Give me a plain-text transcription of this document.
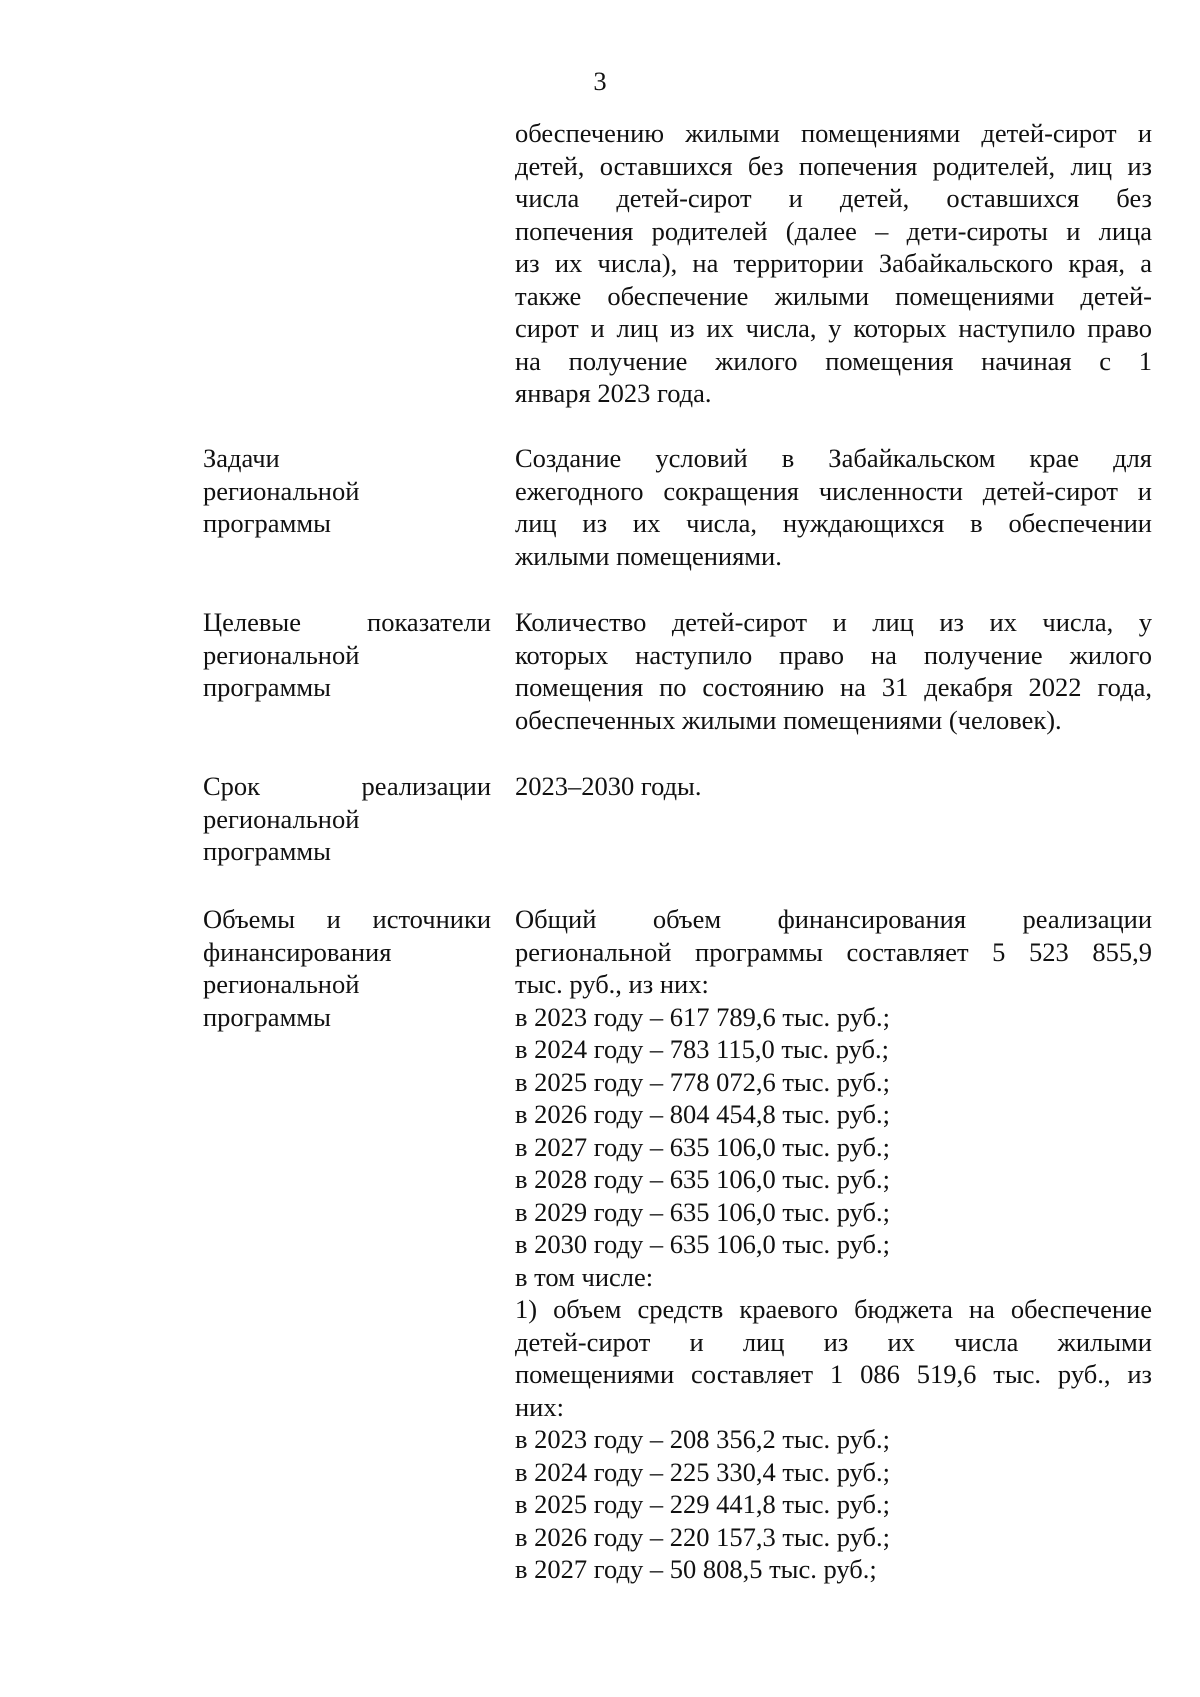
3
обеспечению жилыми помещениями детей-сирот и
детей, оставшихся без попечения родителей, лиц из
числа детей-сирот и детей, оставшихся без
попечения родителей (далее – дети-сироты и лица
из их числа), на территории Забайкальского края, а
также обеспечение жилыми помещениями детей-
сирот и лиц из их числа, у которых наступило право
на получение жилого помещения начиная с 1
января 2023 года.
Задачи
региональной
программы
Создание условий в Забайкальском крае для
ежегодного сокращения численности детей-сирот и
лиц из их числа, нуждающихся в обеспечении
жилыми помещениями.
Целевые показатели
региональной
программы
Количество детей-сирот и лиц из их числа, у
которых наступило право на получение жилого
помещения по состоянию на 31 декабря 2022 года,
обеспеченных жилыми помещениями (человек).
Срок реализации
региональной
программы
2023–2030 годы.
Объемы и источники
финансирования
региональной
программы
Общий объем финансирования реализации
региональной программы составляет 5 523 855,9
тыс. руб., из них:
в 2023 году – 617 789,6 тыс. руб.;
в 2024 году – 783 115,0 тыс. руб.;
в 2025 году – 778 072,6 тыс. руб.;
в 2026 году – 804 454,8 тыс. руб.;
в 2027 году – 635 106,0 тыс. руб.;
в 2028 году – 635 106,0 тыс. руб.;
в 2029 году – 635 106,0 тыс. руб.;
в 2030 году – 635 106,0 тыс. руб.;
в том числе:
1) объем средств краевого бюджета на обеспечение
детей-сирот и лиц из их числа жилыми
помещениями составляет 1 086 519,6 тыс. руб., из
них:
в 2023 году – 208 356,2 тыс. руб.;
в 2024 году – 225 330,4 тыс. руб.;
в 2025 году – 229 441,8 тыс. руб.;
в 2026 году – 220 157,3 тыс. руб.;
в 2027 году – 50 808,5 тыс. руб.;
